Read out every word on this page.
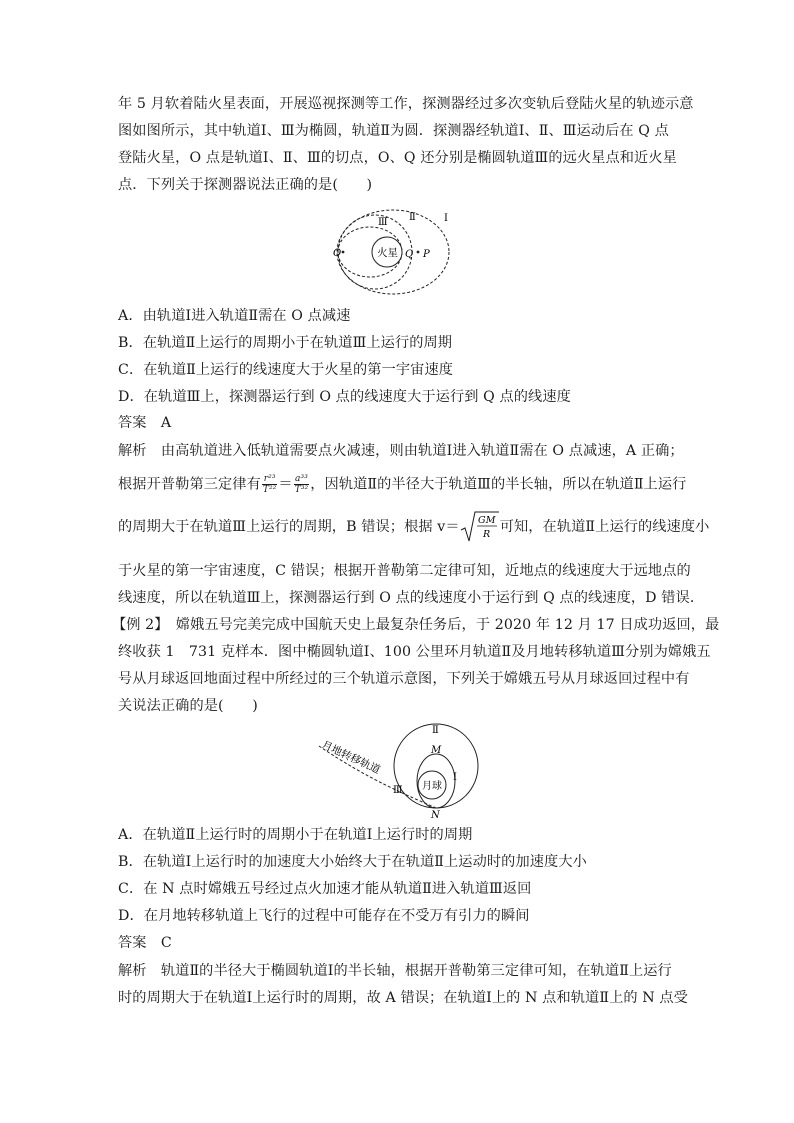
年 5 月软着陆火星表面，开展巡视探测等工作，探测器经过多次变轨后登陆火星的轨迹示意
图如图所示，其中轨道Ⅰ、Ⅲ为椭圆，轨道Ⅱ为圆．探测器经轨道Ⅰ、Ⅱ、Ⅲ运动后在 Q 点
登陆火星，O 点是轨道Ⅰ、Ⅱ、Ⅲ的切点，O、Q 还分别是椭圆轨道Ⅲ的远火星点和近火星
点．下列关于探测器说法正确的是(　　)
火星
Ⅲ Ⅱ	Ⅰ
O	Q P
A．由轨道Ⅰ进入轨道Ⅱ需在 O 点减速
B．在轨道Ⅱ上运行的周期小于在轨道Ⅲ上运行的周期
C．在轨道Ⅱ上运行的线速度大于火星的第一宇宙速度
D．在轨道Ⅲ上，探测器运行到 O 点的线速度大于运行到 Q 点的线速度
答案　A
解析　由高轨道进入低轨道需要点火减速，则由轨道Ⅰ进入轨道Ⅱ需在 O 点减速，A 正确；
根据开普勒第三定律有 $\frac{\text{r²³}}{\text{T²²}} = \frac{\text{a³³}}{\text{T³²}}$ ，因轨道Ⅱ的半径大于轨道Ⅲ的半长轴，所以在轨道Ⅱ上运行
的周期大于在轨道Ⅲ上运行的周期，B 错误；根据 v＝ GM
R 可知，在轨道Ⅱ上运行的线速度小
于火星的第一宇宙速度，C 错误；根据开普勒第二定律可知，近地点的线速度大于远地点的
线速度，所以在轨道Ⅲ上，探测器运行到 O 点的线速度小于运行到 Q 点的线速度，D 错误．
【例 2】　嫦娥五号完美完成中国航天史上最复杂任务后，于 2020 年 12 月 17 日成功返回，最
终收获 1　731 克样本．图中椭圆轨道Ⅰ、100 公里环月轨道Ⅱ及月地转移轨道Ⅲ分别为嫦娥五
号从月球返回地面过程中所经过的三个轨道示意图，下列关于嫦娥五号从月球返回过程中有
关说法正确的是(　　)
月球
月地转移轨道
Ⅱ
M
Ⅰ
Ⅲ
N
A．在轨道Ⅱ上运行时的周期小于在轨道Ⅰ上运行时的周期
B．在轨道Ⅰ上运行时的加速度大小始终大于在轨道Ⅱ上运动时的加速度大小
C．在 N 点时嫦娥五号经过点火加速才能从轨道Ⅱ进入轨道Ⅲ返回
D．在月地转移轨道上飞行的过程中可能存在不受万有引力的瞬间
答案　C
解析　轨道Ⅱ的半径大于椭圆轨道Ⅰ的半长轴，根据开普勒第三定律可知，在轨道Ⅱ上运行
时的周期大于在轨道Ⅰ上运行时的周期，故 A 错误；在轨道Ⅰ上的 N 点和轨道Ⅱ上的 N 点受
